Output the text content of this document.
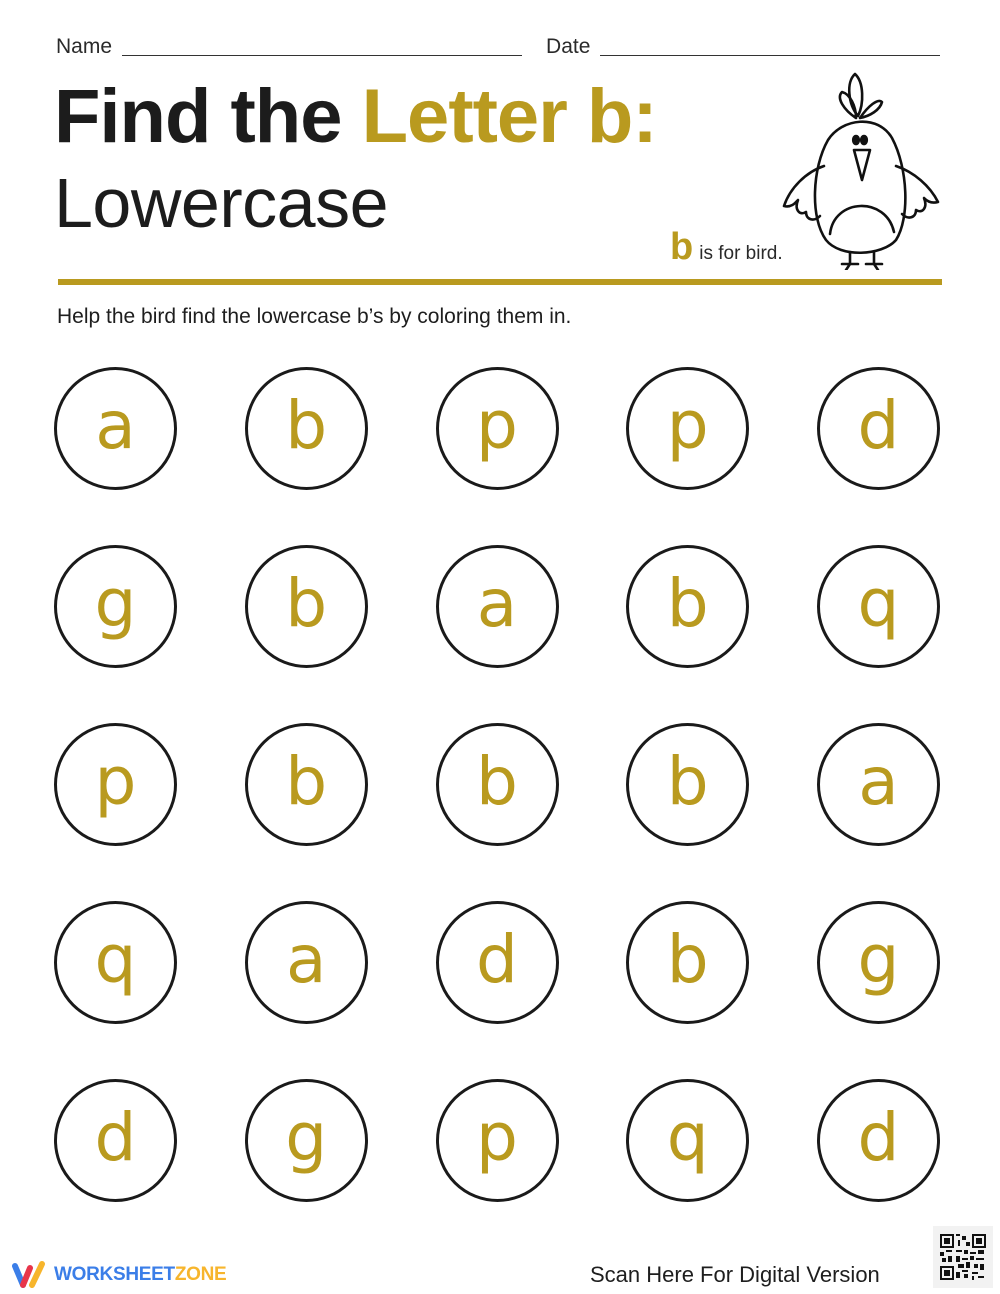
Name	Date
Find the Letter b:
Lowercase
b is for bird.
Help the bird find the lowercase b’s by coloring them in.
a b p p d
g b a b q
p b b b a
q a d b g
d g p q d
WORKSHEETZONE	Scan Here For Digital Version
